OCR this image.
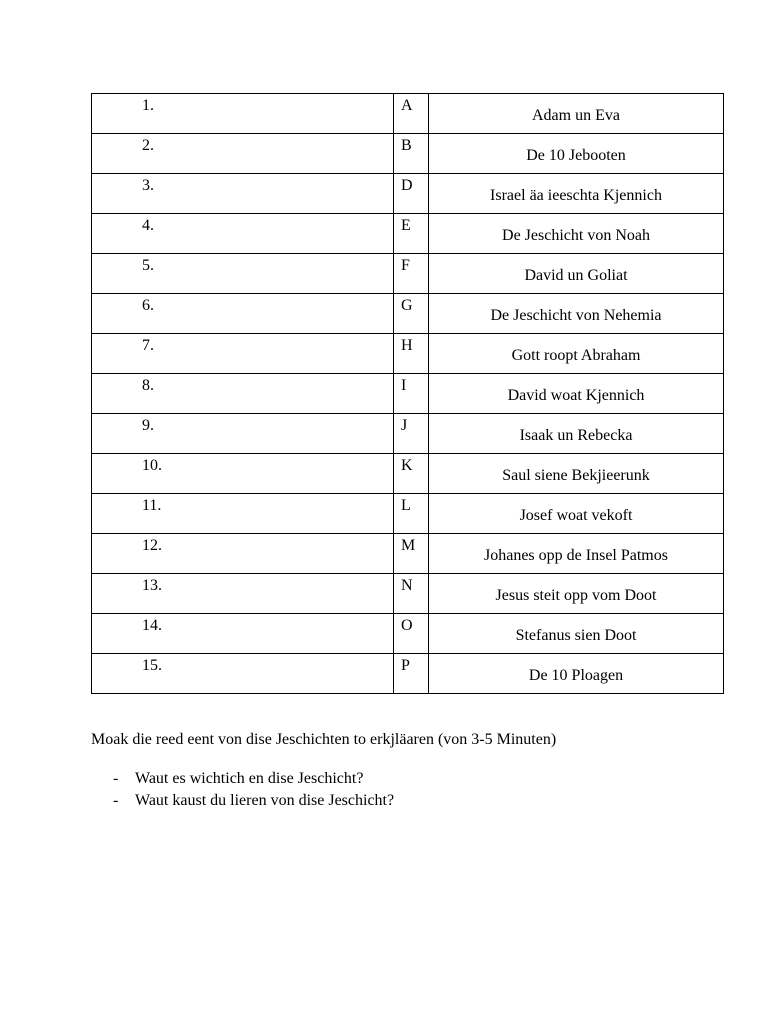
1.	A	Adam un Eva
2.	B	De 10 Jebooten
3.	D	Israel äa ieeschta Kjennich
4.	E	De Jeschicht von Noah
5.	F	David un Goliat
6.	G	De Jeschicht von Nehemia
7.	H	Gott roopt Abraham
8.	I	David woat Kjennich
9.	J	Isaak un Rebecka
10.	K	Saul siene Bekjieerunk
11.	L	Josef woat vekoft
12.	M	Johanes opp de Insel Patmos
13.	N	Jesus steit opp vom Doot
14.	O	Stefanus sien Doot
15.	P	De 10 Ploagen

Moak die reed eent von dise Jeschichten to erkjläaren (von 3-5 Minuten)

- Waut es wichtich en dise Jeschicht?
- Waut kaust du lieren von dise Jeschicht?
